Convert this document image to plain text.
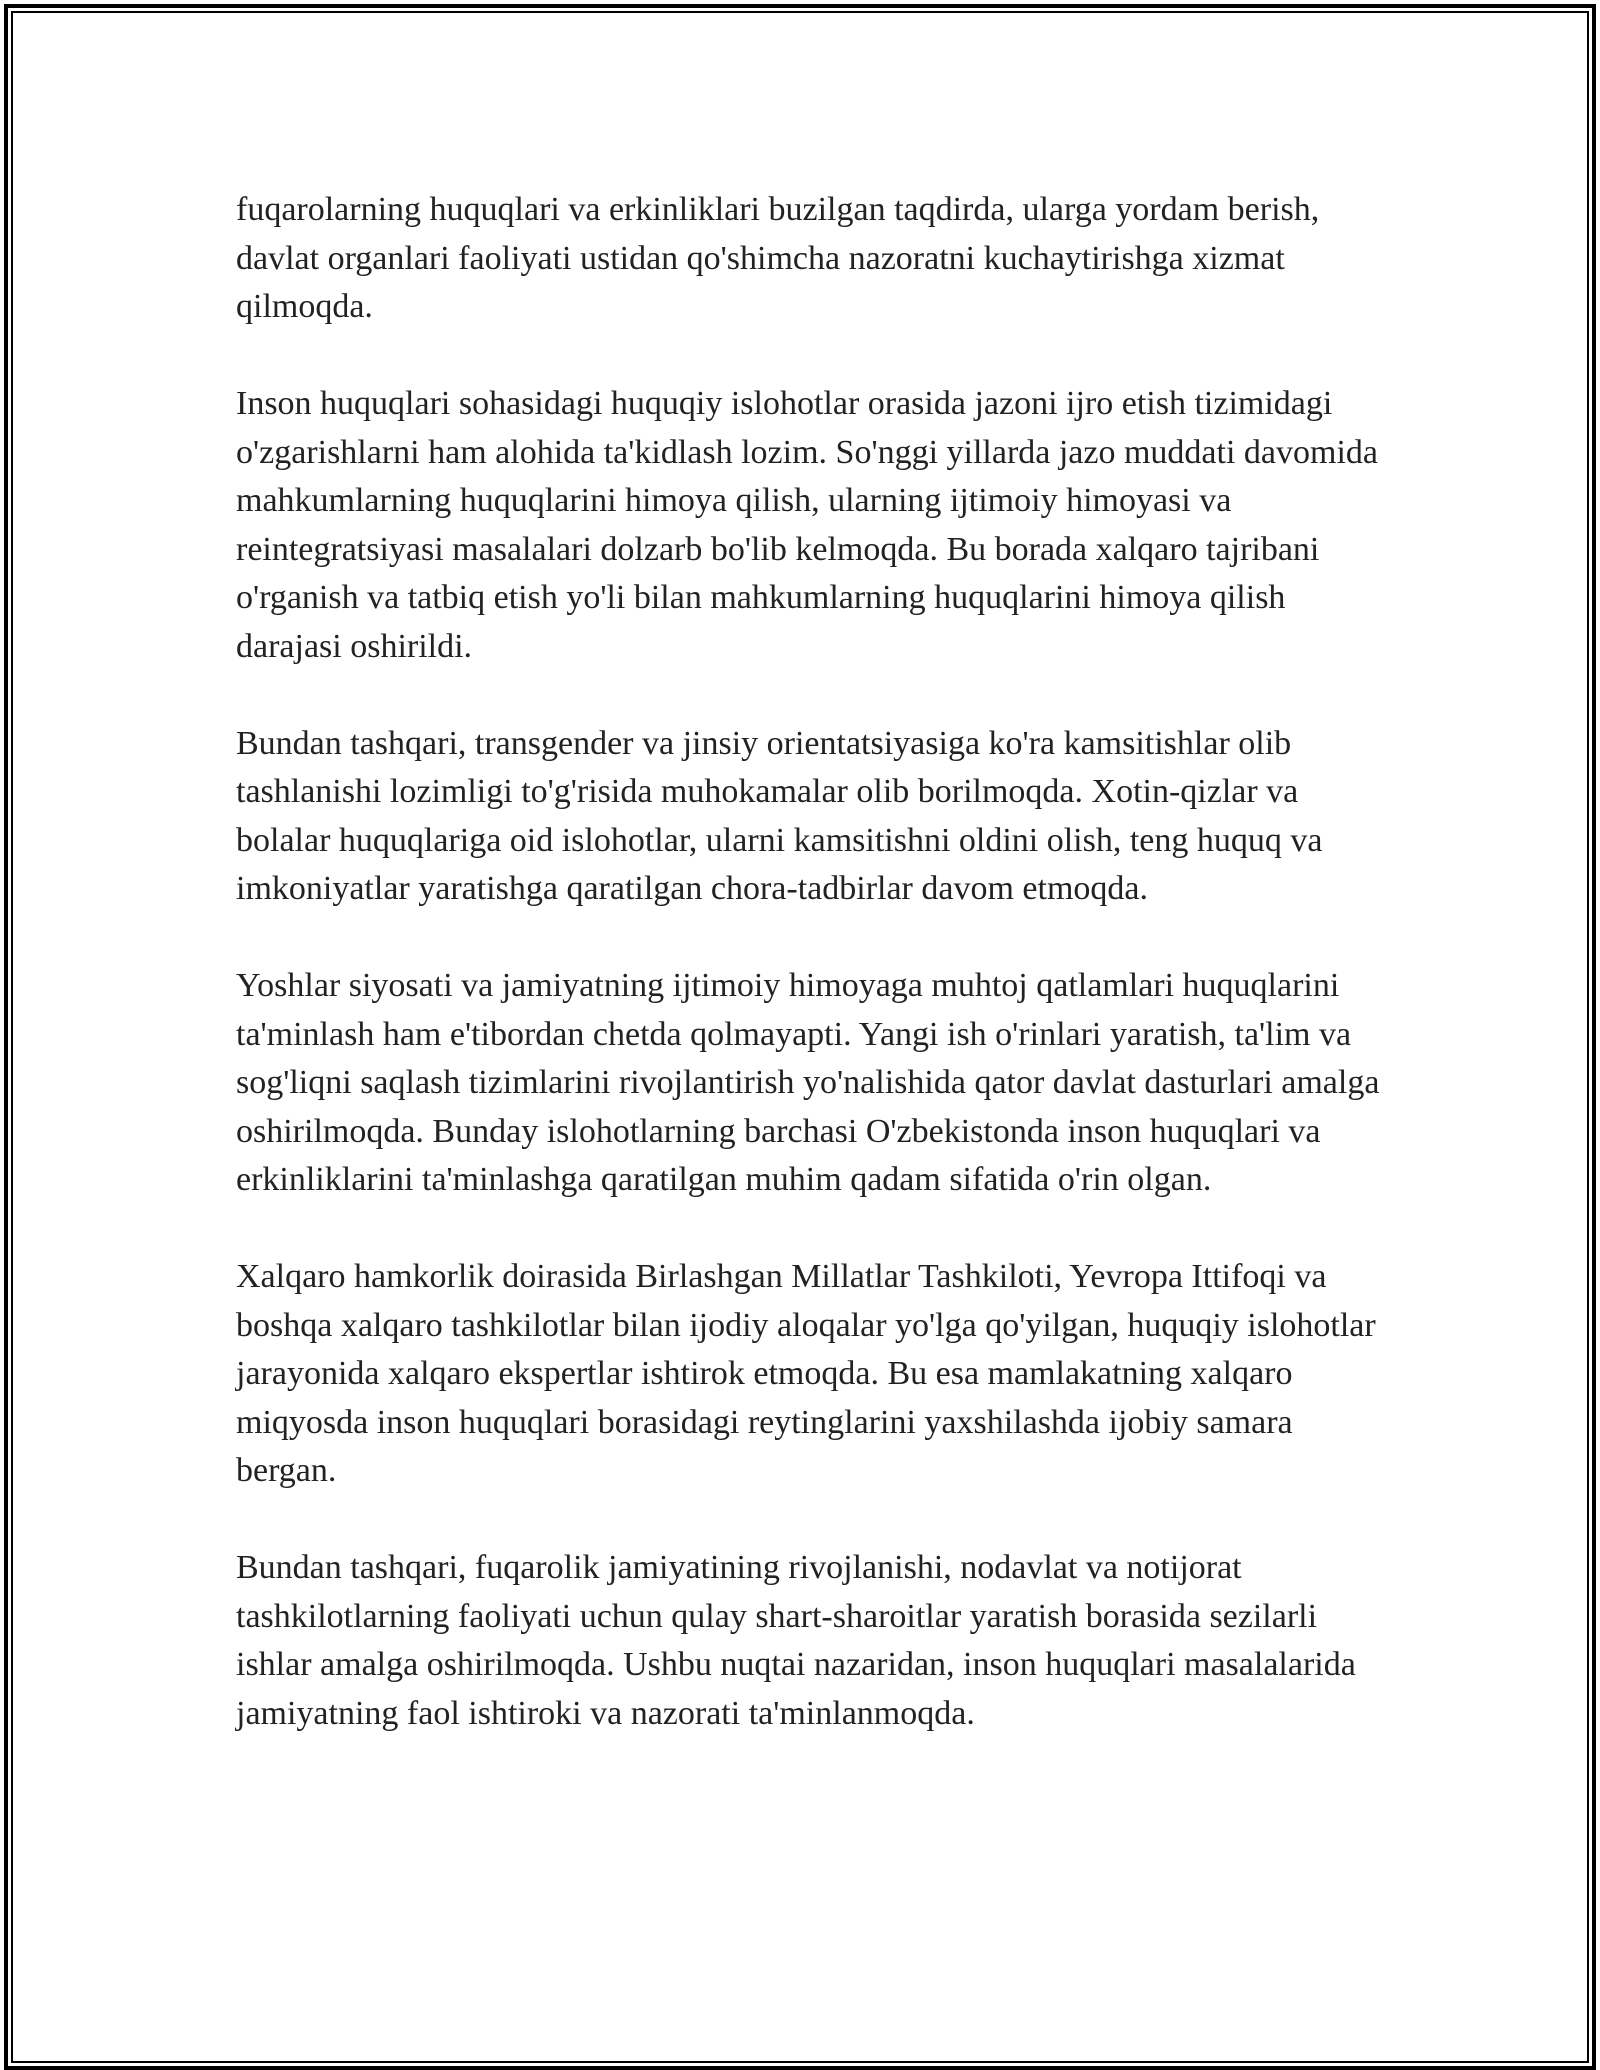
fuqarolarning huquqlari va erkinliklari buzilgan taqdirda, ularga yordam berish, davlat organlari faoliyati ustidan qo'shimcha nazoratni kuchaytirishga xizmat qilmoqda.

Inson huquqlari sohasidagi huquqiy islohotlar orasida jazoni ijro etish tizimidagi o'zgarishlarni ham alohida ta'kidlash lozim. So'nggi yillarda jazo muddati davomida mahkumlarning huquqlarini himoya qilish, ularning ijtimoiy himoyasi va reintegratsiyasi masalalari dolzarb bo'lib kelmoqda. Bu borada xalqaro tajribani o'rganish va tatbiq etish yo'li bilan mahkumlarning huquqlarini himoya qilish darajasi oshirildi.

Bundan tashqari, transgender va jinsiy orientatsiyasiga ko'ra kamsitishlar olib tashlanishi lozimligi to'g'risida muhokamalar olib borilmoqda. Xotin-qizlar va bolalar huquqlariga oid islohotlar, ularni kamsitishni oldini olish, teng huquq va imkoniyatlar yaratishga qaratilgan chora-tadbirlar davom etmoqda.

Yoshlar siyosati va jamiyatning ijtimoiy himoyaga muhtoj qatlamlari huquqlarini ta'minlash ham e'tibordan chetda qolmayapti. Yangi ish o'rinlari yaratish, ta'lim va sog'liqni saqlash tizimlarini rivojlantirish yo'nalishida qator davlat dasturlari amalga oshirilmoqda. Bunday islohotlarning barchasi O'zbekistonda inson huquqlari va erkinliklarini ta'minlashga qaratilgan muhim qadam sifatida o'rin olgan.

Xalqaro hamkorlik doirasida Birlashgan Millatlar Tashkiloti, Yevropa Ittifoqi va boshqa xalqaro tashkilotlar bilan ijodiy aloqalar yo'lga qo'yilgan, huquqiy islohotlar jarayonida xalqaro ekspertlar ishtirok etmoqda. Bu esa mamlakatning xalqaro miqyosda inson huquqlari borasidagi reytinglarini yaxshilashda ijobiy samara bergan.

Bundan tashqari, fuqarolik jamiyatining rivojlanishi, nodavlat va notijorat tashkilotlarning faoliyati uchun qulay shart-sharoitlar yaratish borasida sezilarli ishlar amalga oshirilmoqda. Ushbu nuqtai nazaridan, inson huquqlari masalalarida jamiyatning faol ishtiroki va nazorati ta'minlanmoqda.
